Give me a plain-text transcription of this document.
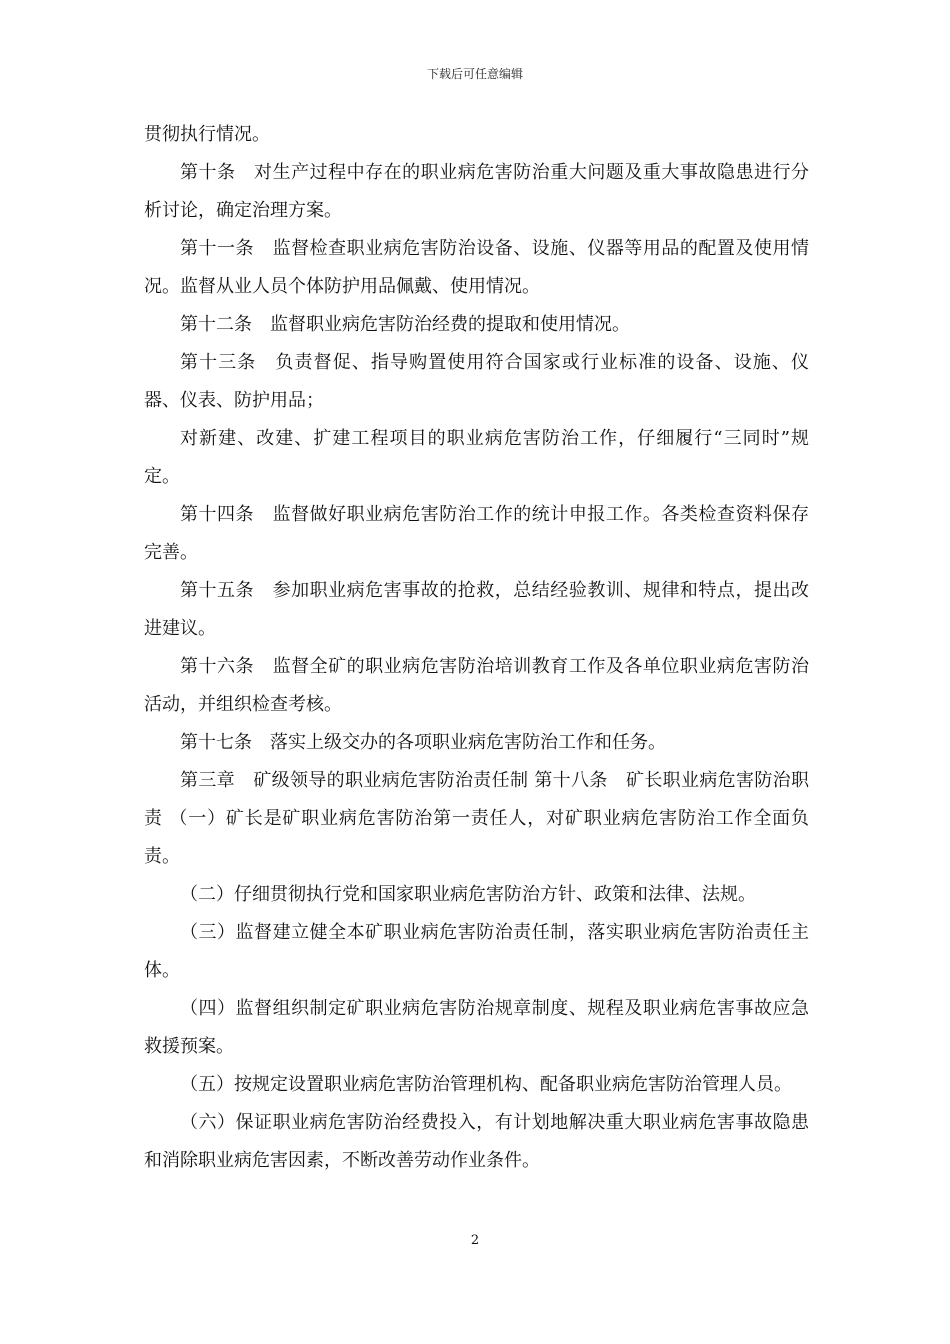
下载后可任意编辑

贯彻执行情况。

第十条　对生产过程中存在的职业病危害防治重大问题及重大事故隐患进行分析讨论，确定治理方案。

第十一条　监督检查职业病危害防治设备、设施、仪器等用品的配置及使用情况。监督从业人员个体防护用品佩戴、使用情况。

第十二条　监督职业病危害防治经费的提取和使用情况。

第十三条　负责督促、指导购置使用符合国家或行业标准的设备、设施、仪器、仪表、防护用品；

对新建、改建、扩建工程项目的职业病危害防治工作，仔细履行“三同时”规定。

第十四条　监督做好职业病危害防治工作的统计申报工作。各类检查资料保存完善。

第十五条　参加职业病危害事故的抢救，总结经验教训、规律和特点，提出改进建议。

第十六条　监督全矿的职业病危害防治培训教育工作及各单位职业病危害防治活动，并组织检查考核。

第十七条　落实上级交办的各项职业病危害防治工作和任务。

第三章　矿级领导的职业病危害防治责任制 第十八条　矿长职业病危害防治职责 （一）矿长是矿职业病危害防治第一责任人，对矿职业病危害防治工作全面负责。

（二）仔细贯彻执行党和国家职业病危害防治方针、政策和法律、法规。

（三）监督建立健全本矿职业病危害防治责任制，落实职业病危害防治责任主体。

（四）监督组织制定矿职业病危害防治规章制度、规程及职业病危害事故应急救援预案。

（五）按规定设置职业病危害防治管理机构、配备职业病危害防治管理人员。

（六）保证职业病危害防治经费投入，有计划地解决重大职业病危害事故隐患和消除职业病危害因素，不断改善劳动作业条件。

2
